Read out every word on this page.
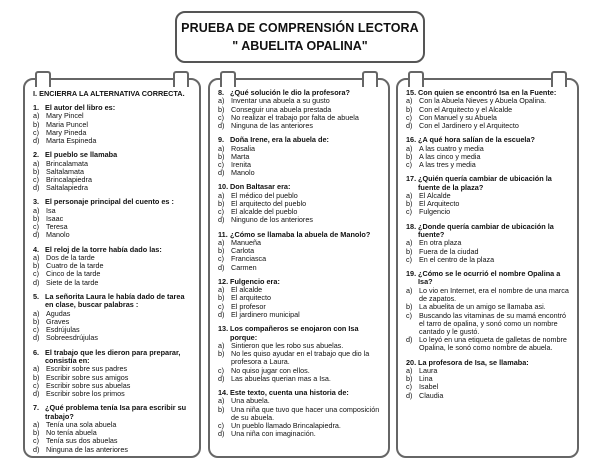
PRUEBA DE COMPRENSIÓN LECTORA
" ABUELITA OPALINA"
I. ENCIERRA LA ALTERNATIVA CORRECTA.
1. El autor del libro es:
a) Mary Pincel
b) Maria Puncel
c) Mary Pineda
d) Marta Espineda
2. El pueblo se llamaba
a) Brincalamata
b) Saltalamata
c) Brincalapiedra
d) Saltalapiedra
3. El personaje principal del cuento es :
a) Isa
b) Isaac
c) Teresa
d) Manolo
4. El reloj de la torre había dado las:
a) Dos de la tarde
b) Cuatro de la tarde
c) Cinco de la tarde
d) Siete de la tarde
5. La señorita Laura le había dado de tarea en clase, buscar palabras :
a) Agudas
b) Graves
c) Esdrújulas
d) Sobreesdrújulas
6. El trabajo que les dieron para preparar, consistía en:
a) Escribir sobre sus padres
b) Escribir sobre sus amigos
c) Escribir sobre sus abuelas
d) Escribir sobre los primos
7. ¿Qué problema tenía Isa para escribir su trabajo?
a) Tenía una sola abuela
b) No tenía abuela
c) Tenía sus dos abuelas
d) Ninguna de las anteriores
8. ¿Qué solución le dio la profesora?
a) Inventar una abuela a su gusto
b) Conseguir una abuela prestada
c) No realizar el trabajo por falta de abuela
d) Ninguna de las anteriores
9. Doña Irene, era la abuela de:
a) Rosalia
b) Marta
c) Irenita
d) Manolo
10. Don Baltasar era:
a) El médico del pueblo
b) El arquitecto del pueblo
c) El alcalde del pueblo
d) Ninguno de los anteriores
11. ¿Cómo se llamaba la abuela de Manolo?
a) Manueña
b) Carlota
c) Franciasca
d) Carmen
12. Fulgencio era:
a) El alcalde
b) El arquitecto
c) El profesor
d) El jardinero municipal
13. Los compañeros se enojaron con Isa porque:
a) Sintieron que les robo sus abuelas.
b) No les quiso ayudar en el trabajo que dio la profesora a Laura.
c) No quiso jugar con ellos.
d) Las abuelas querian mas a Isa.
14. Este texto, cuenta una historia de:
a) Una abuela.
b) Una niña que tuvo que hacer una composición de su abuela.
c) Un pueblo llamado Brincalapiedra.
d) Una niña con imaginación.
15. Con quien se encontró Isa en la Fuente:
a) Con la Abuela Nieves y Abuela Opalina.
b) Con el Arquitecto y el Alcalde
c) Con Manuel y su Abuela
d) Con el Jardinero y el Arquitecto
16. ¿A qué hora salían de la escuela?
a) A las cuatro y media
b) A las cinco y media
c) A las tres y media
17. ¿Quién quería cambiar de ubicación la fuente de la plaza?
a) El Alcalde
b) El Arquitecto
c) Fulgencio
18. ¿Donde quería cambiar de ubicación la fuente?
a) En otra plaza
b) Fuera de la ciudad
c) En el centro de la plaza
19. ¿Cómo se le ocurrió el nombre Opalina a Isa?
a) Lo vio en Internet, era el nombre de una marca de zapatos.
b) La abuelita de un amigo se llamaba asi.
c) Buscando las vitaminas de su mamá encontró el tarro de opalina, y sonó como un nombre cantado y le gustó.
d) Lo leyó en una etiqueta de galletas de nombre Opalina, le sonó como nombre de abuela.
20. La profesora de Isa, se llamaba:
a) Laura
b) Lina
c) Isabel
d) Claudia
